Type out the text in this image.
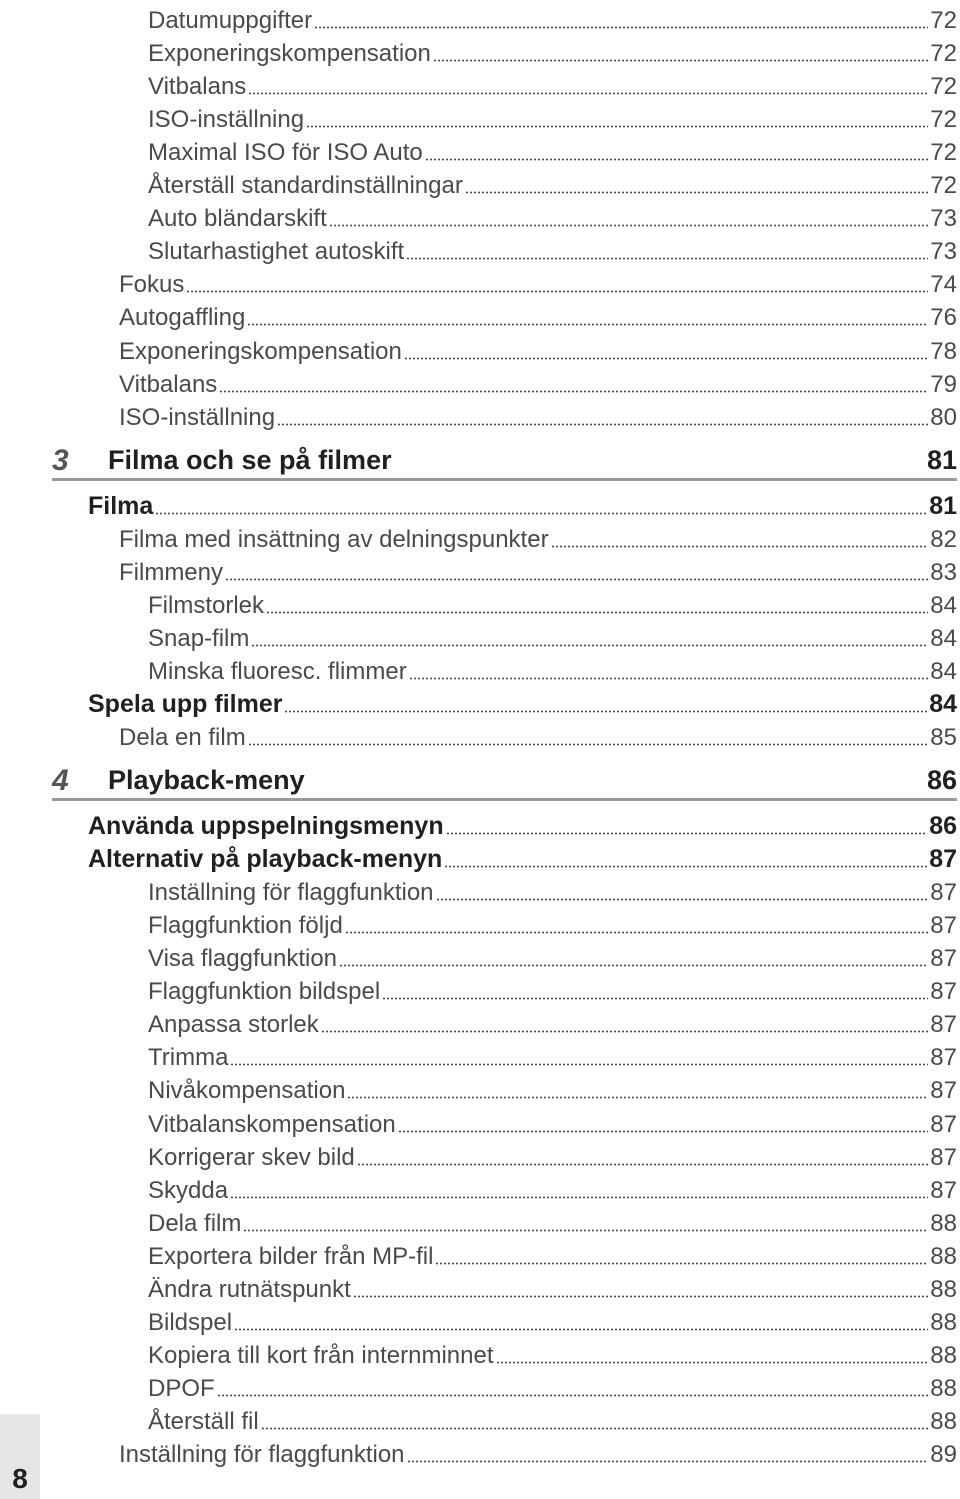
Datumuppgifter	72
Exponeringskompensation	72
Vitbalans	72
ISO-inställning	72
Maximal ISO för ISO Auto	72
Återställ standardinställningar	72
Auto bländarskift	73
Slutarhastighet autoskift	73
Fokus	74
Autogaffling	76
Exponeringskompensation	78
Vitbalans	79
ISO-inställning	80
3	Filma och se på filmer	81
Filma	81
Filma med insättning av delningspunkter	82
Filmmeny	83
Filmstorlek	84
Snap-film	84
Minska fluoresc. flimmer	84
Spela upp filmer	84
Dela en film	85
4	Playback-meny	86
Använda uppspelningsmenyn	86
Alternativ på playback-menyn	87
Inställning för flaggfunktion	87
Flaggfunktion följd	87
Visa flaggfunktion	87
Flaggfunktion bildspel	87
Anpassa storlek	87
Trimma	87
Nivåkompensation	87
Vitbalanskompensation	87
Korrigerar skev bild	87
Skydda	87
Dela film	88
Exportera bilder från MP-fil	88
Ändra rutnätspunkt	88
Bildspel	88
Kopiera till kort från internminnet	88
DPOF	88
Återställ fil	88
Inställning för flaggfunktion	89
8
